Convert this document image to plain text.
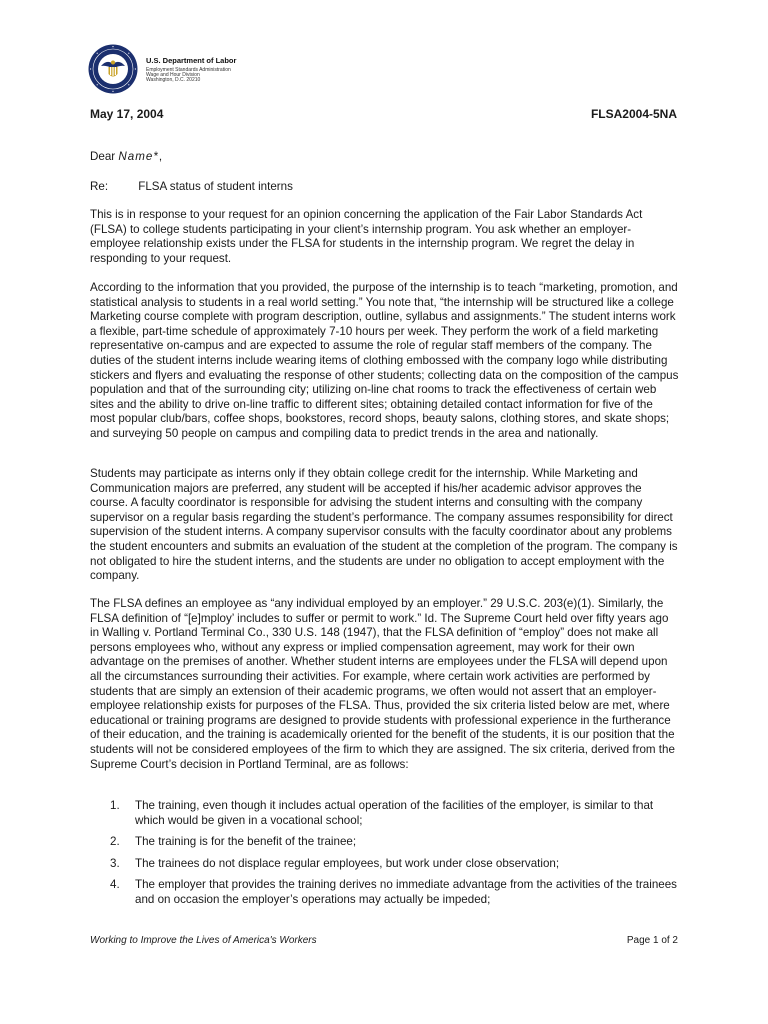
U.S. Department of Labor
Employment Standards Administration
Wage and Hour Division
Washington, D.C. 20210
May 17, 2004	FLSA2004-5NA
Dear Name*,
Re:	FLSA status of student interns

This is in response to your request for an opinion concerning the application of the Fair Labor Standards Act (FLSA) to college students participating in your client’s internship program. You ask whether an employer-employee relationship exists under the FLSA for students in the internship program. We regret the delay in responding to your request.

According to the information that you provided, the purpose of the internship is to teach “marketing, promotion, and statistical analysis to students in a real world setting.” You note that, “the internship will be structured like a college Marketing course complete with program description, outline, syllabus and assignments.” The student interns work a flexible, part-time schedule of approximately 7-10 hours per week. They perform the work of a field marketing representative on-campus and are expected to assume the role of regular staff members of the company. The duties of the student interns include wearing items of clothing embossed with the company logo while distributing stickers and flyers and evaluating the response of other students; collecting data on the composition of the campus population and that of the surrounding city; utilizing on-line chat rooms to track the effectiveness of certain web sites and the ability to drive on-line traffic to different sites; obtaining detailed contact information for five of the most popular club/bars, coffee shops, bookstores, record shops, beauty salons, clothing stores, and skate shops; and surveying 50 people on campus and compiling data to predict trends in the area and nationally.

Students may participate as interns only if they obtain college credit for the internship. While Marketing and Communication majors are preferred, any student will be accepted if his/her academic advisor approves the course. A faculty coordinator is responsible for advising the student interns and consulting with the company supervisor on a regular basis regarding the student’s performance. The company assumes responsibility for direct supervision of the student interns. A company supervisor consults with the faculty coordinator about any problems the student encounters and submits an evaluation of the student at the completion of the program. The company is not obligated to hire the student interns, and the students are under no obligation to accept employment with the company.

The FLSA defines an employee as “any individual employed by an employer.” 29 U.S.C. 203(e)(1). Similarly, the FLSA definition of “[e]mploy’ includes to suffer or permit to work.” Id. The Supreme Court held over fifty years ago in Walling v. Portland Terminal Co., 330 U.S. 148 (1947), that the FLSA definition of “employ” does not make all persons employees who, without any express or implied compensation agreement, may work for their own advantage on the premises of another. Whether student interns are employees under the FLSA will depend upon all the circumstances surrounding their activities. For example, where certain work activities are performed by students that are simply an extension of their academic programs, we often would not assert that an employer-employee relationship exists for purposes of the FLSA. Thus, provided the six criteria listed below are met, where educational or training programs are designed to provide students with professional experience in the furtherance of their education, and the training is academically oriented for the benefit of the students, it is our position that the students will not be considered employees of the firm to which they are assigned. The six criteria, derived from the Supreme Court’s decision in Portland Terminal, are as follows:

1.	The training, even though it includes actual operation of the facilities of the employer, is similar to that which would be given in a vocational school;
2.	The training is for the benefit of the trainee;
3.	The trainees do not displace regular employees, but work under close observation;
4.	The employer that provides the training derives no immediate advantage from the activities of the trainees and on occasion the employer’s operations may actually be impeded;
Working to Improve the Lives of America's Workers	Page 1 of 2
